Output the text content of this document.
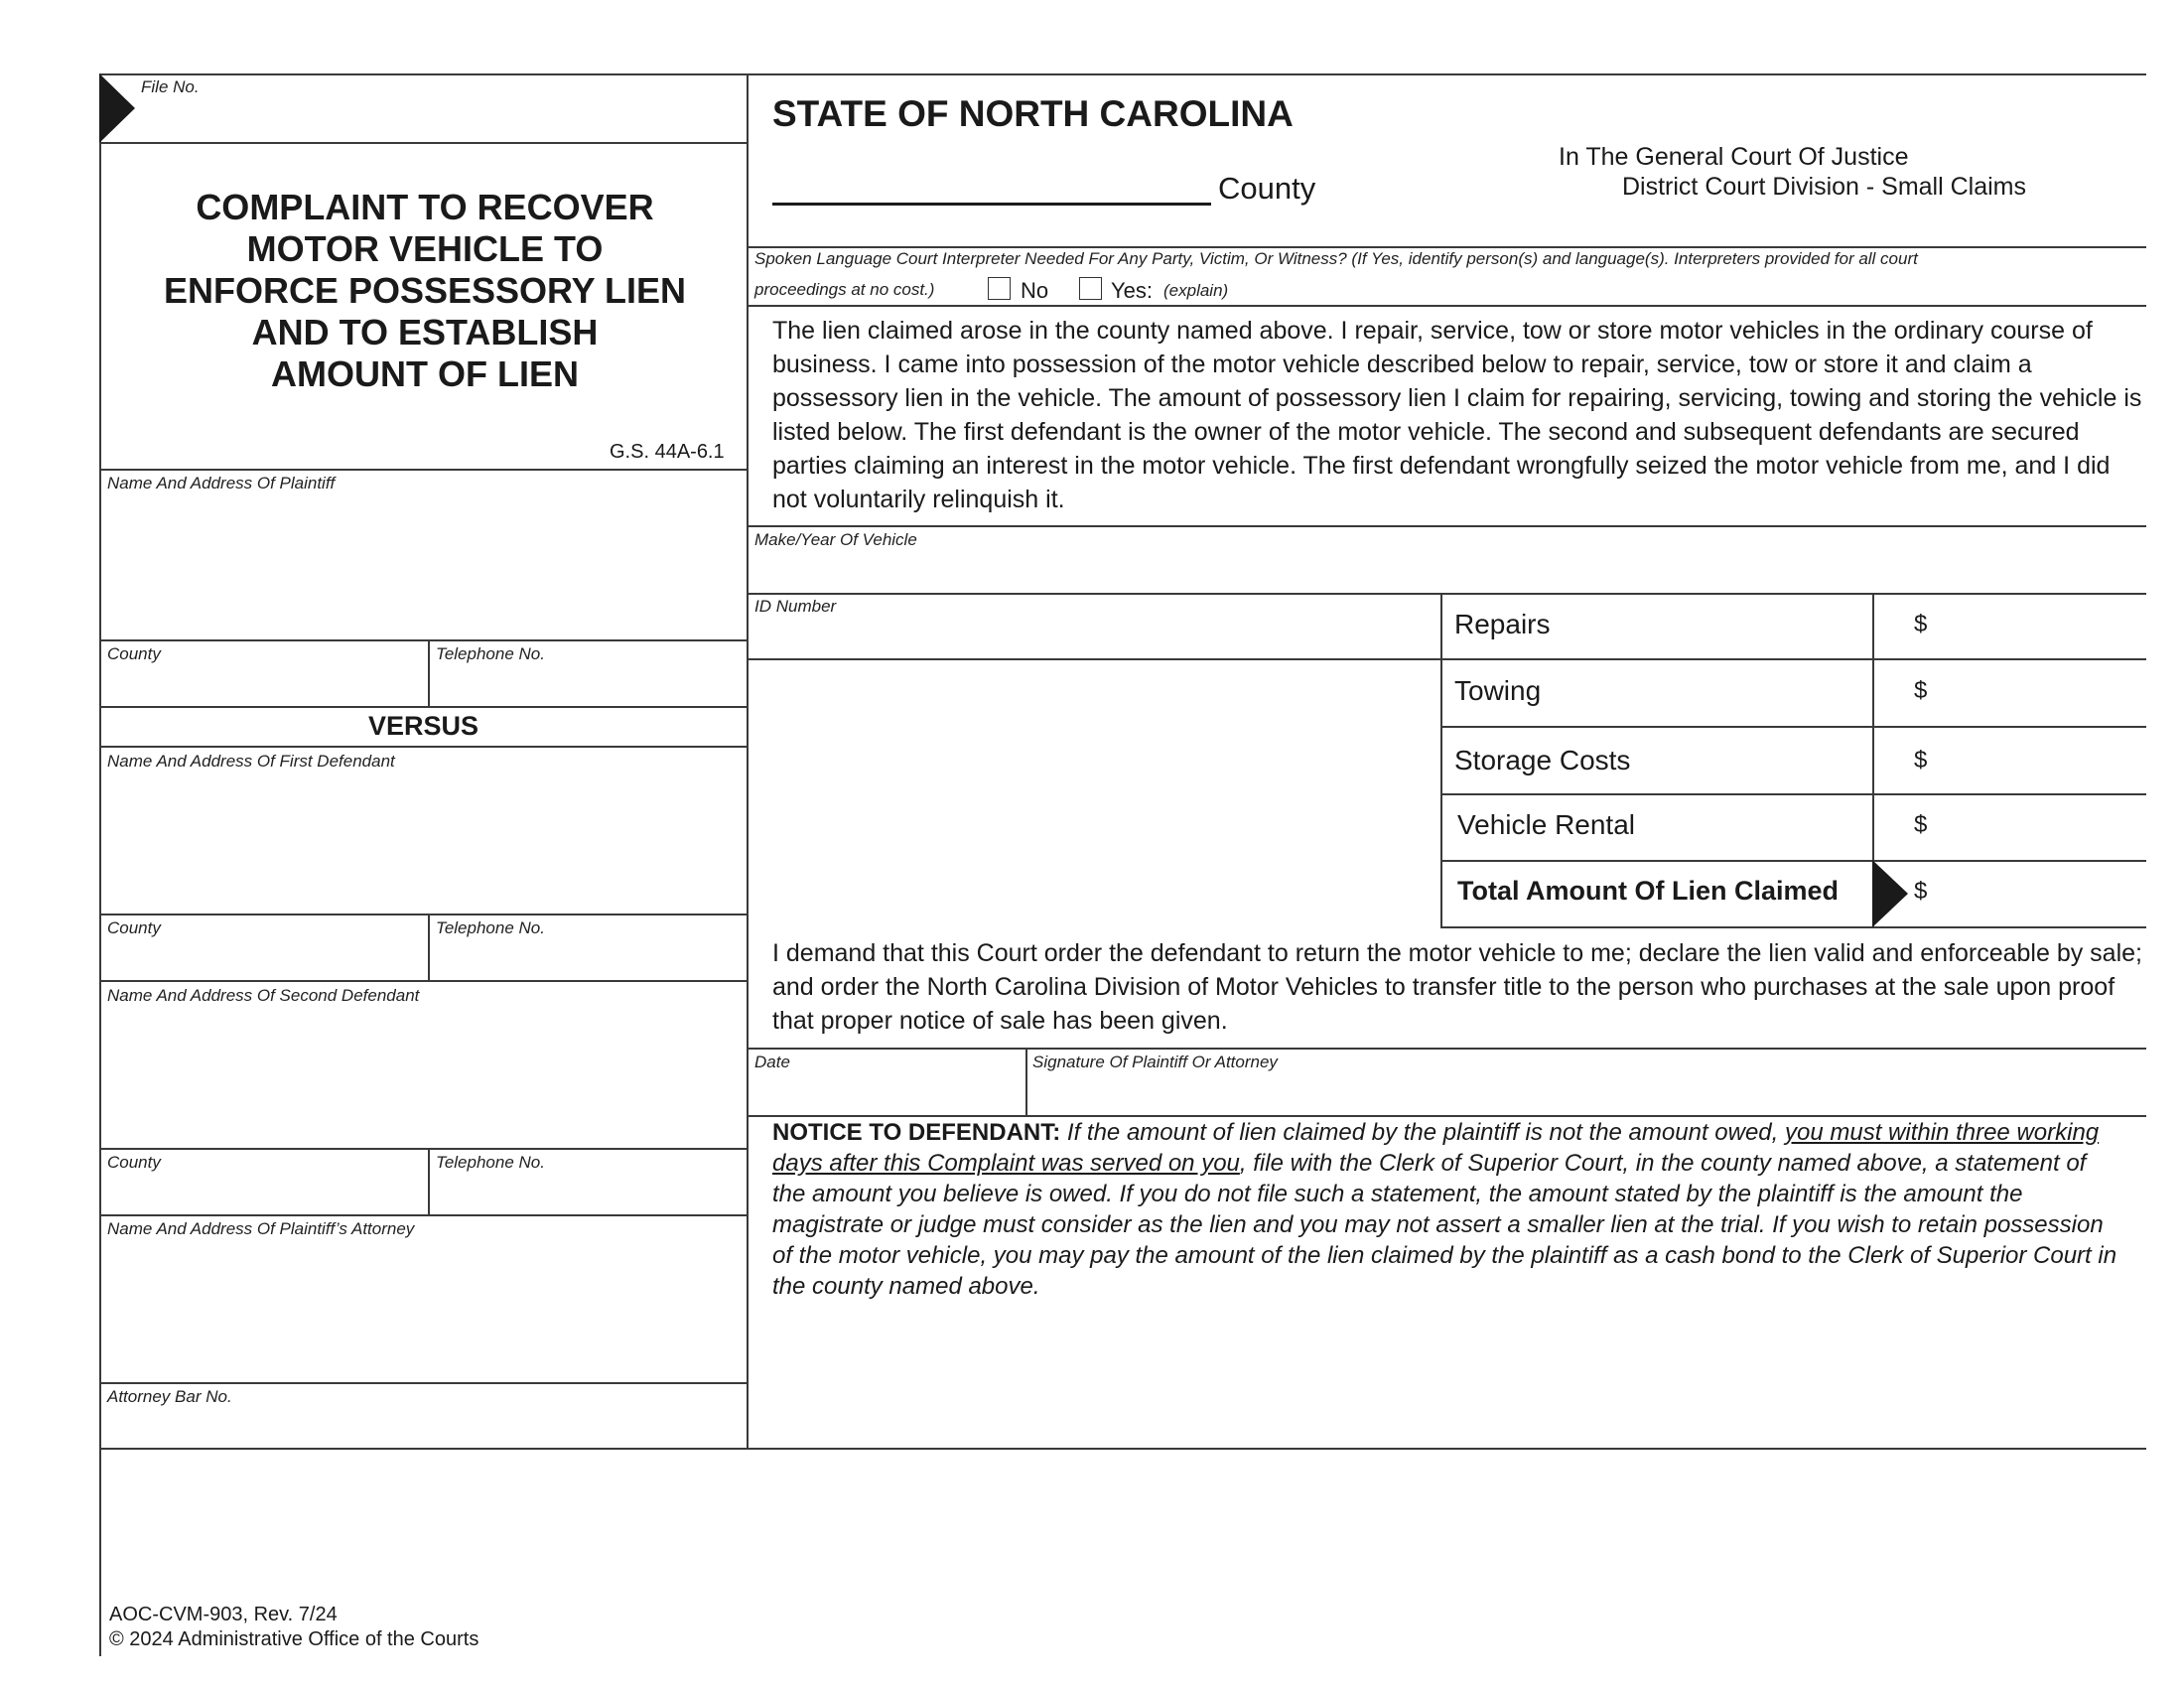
File No.
COMPLAINT TO RECOVER
MOTOR VEHICLE TO
ENFORCE POSSESSORY LIEN
AND TO ESTABLISH
AMOUNT OF LIEN
G.S. 44A-6.1
Name And Address Of Plaintiff
County	Telephone No.
VERSUS
Name And Address Of First Defendant
County	Telephone No.
Name And Address Of Second Defendant
County	Telephone No.
Name And Address Of Plaintiff’s Attorney
Attorney Bar No.
STATE OF NORTH CAROLINA
County
In The General Court Of Justice
District Court Division - Small Claims
Spoken Language Court Interpreter Needed For Any Party, Victim, Or Witness? (If Yes, identify person(s) and language(s). Interpreters provided for all court
proceedings at no cost.)	No	Yes: (explain)
The lien claimed arose in the county named above. I repair, service, tow or store motor vehicles in the ordinary course of business. I came into possession of the motor vehicle described below to repair, service, tow or store it and claim a possessory lien in the vehicle. The amount of possessory lien I claim for repairing, servicing, towing and storing the vehicle is listed below. The first defendant is the owner of the motor vehicle. The second and subsequent defendants are secured parties claiming an interest in the motor vehicle. The first defendant wrongfully seized the motor vehicle from me, and I did not voluntarily relinquish it.
Make/Year Of Vehicle
ID Number
Repairs	$
Towing	$
Storage Costs	$
Vehicle Rental	$
Total Amount Of Lien Claimed	$
I demand that this Court order the defendant to return the motor vehicle to me; declare the lien valid and enforceable by sale; and order the North Carolina Division of Motor Vehicles to transfer title to the person who purchases at the sale upon proof that proper notice of sale has been given.
Date	Signature Of Plaintiff Or Attorney
NOTICE TO DEFENDANT: If the amount of lien claimed by the plaintiff is not the amount owed, you must within three working days after this Complaint was served on you, file with the Clerk of Superior Court, in the county named above, a statement of the amount you believe is owed. If you do not file such a statement, the amount stated by the plaintiff is the amount the magistrate or judge must consider as the lien and you may not assert a smaller lien at the trial. If you wish to retain possession of the motor vehicle, you may pay the amount of the lien claimed by the plaintiff as a cash bond to the Clerk of Superior Court in the county named above.
AOC-CVM-903, Rev. 7/24
© 2024 Administrative Office of the Courts
